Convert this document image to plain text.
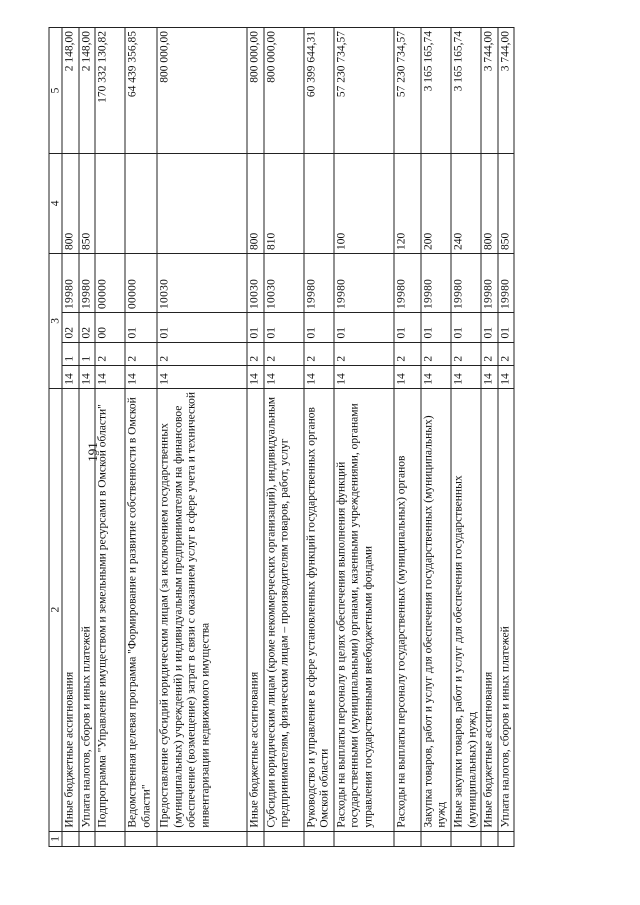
191
1	2	3				4	5
	Иные бюджетные ассигнования	14	1	02	19980	800	2 148,00
	Уплата налогов, сборов и иных платежей	14	1	02	19980	850	2 148,00
	Подпрограмма "Управление имуществом и земельными ресурсами в Омской области"	14	2	00	00000		170 332 130,82
	Ведомственная целевая программа "Формирование и развитие собственности в Омской области"	14	2	01	00000		64 439 356,85
	Предоставление субсидий юридическим лицам (за исключением государственных (муниципальных) учреждений) и индивидуальным предпринимателям на финансовое обеспечение (возмещение) затрат в связи с оказанием услуг в сфере учета и технической инвентаризации недвижимого имущества	14	2	01	10030		800 000,00
	Иные бюджетные ассигнования	14	2	01	10030	800	800 000,00
	Субсидии юридическим лицам (кроме некоммерческих организаций), индивидуальным предпринимателям, физическим лицам – производителям товаров, работ, услуг	14	2	01	10030	810	800 000,00
	Руководство и управление в сфере установленных функций государственных органов Омской области	14	2	01	19980		60 399 644,31
	Расходы на выплаты персоналу в целях обеспечения выполнения функций государственными (муниципальными) органами, казенными учреждениями, органами управления государственными внебюджетными фондами	14	2	01	19980	100	57 230 734,57
	Расходы на выплаты персоналу государственных (муниципальных) органов	14	2	01	19980	120	57 230 734,57
	Закупка товаров, работ и услуг для обеспечения государственных (муниципальных) нужд	14	2	01	19980	200	3 165 165,74
	Иные закупки товаров, работ и услуг для обеспечения государственных (муниципальных) нужд	14	2	01	19980	240	3 165 165,74
	Иные бюджетные ассигнования	14	2	01	19980	800	3 744,00
	Уплата налогов, сборов и иных платежей	14	2	01	19980	850	3 744,00
